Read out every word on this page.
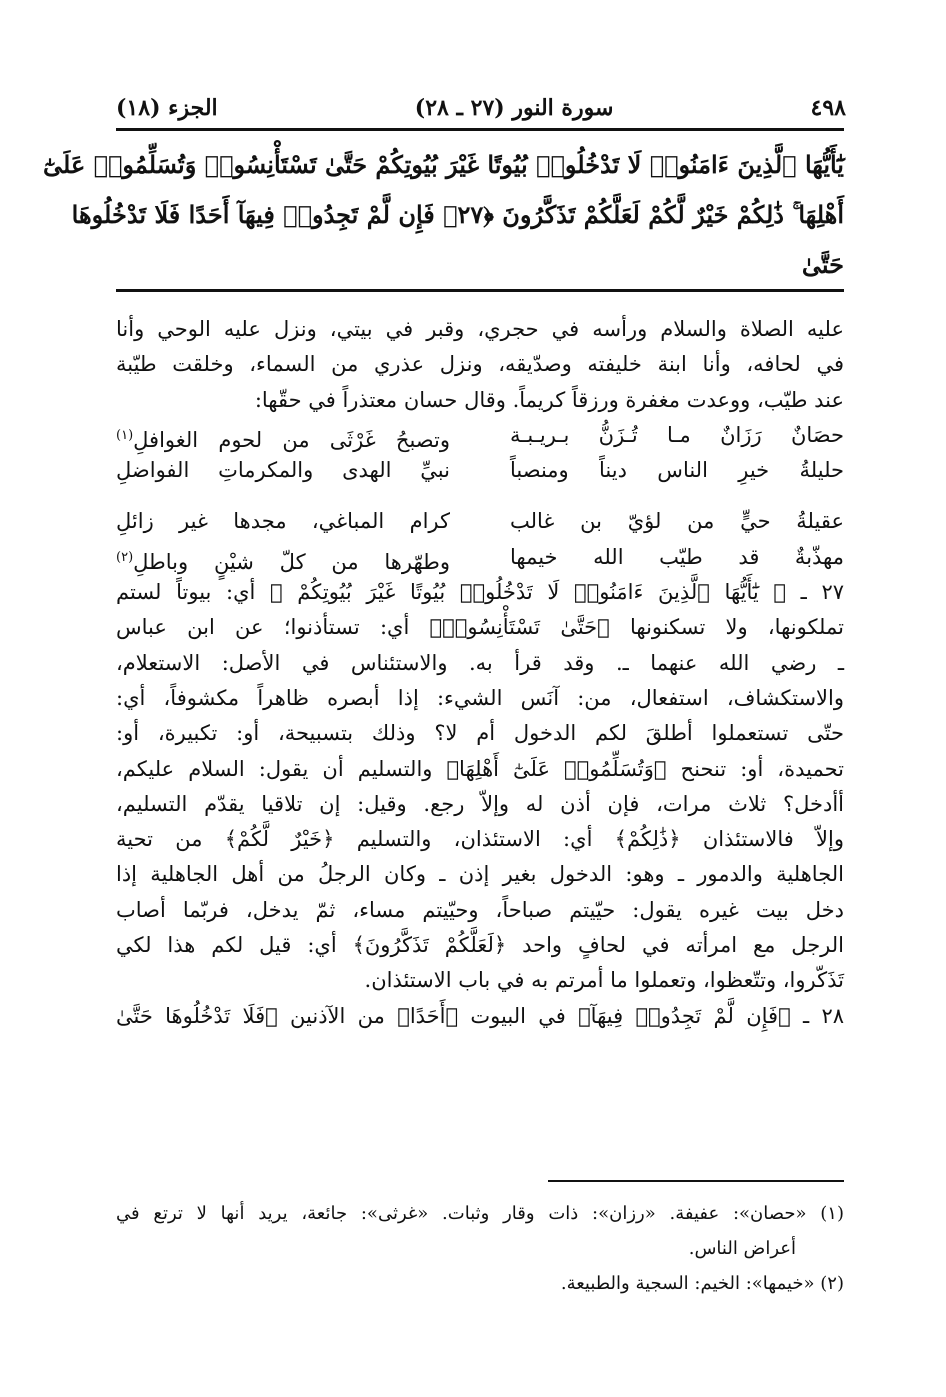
٤٩٨
سورة النور (٢٧ ـ ٢٨)
الجزء (١٨)
يَٰٓأَيُّهَا ٱلَّذِينَ ءَامَنُوا۟ لَا تَدْخُلُوا۟ بُيُوتًا غَيْرَ بُيُوتِكُمْ حَتَّىٰ تَسْتَأْنِسُوا۟ وَتُسَلِّمُوا۟ عَلَىٰٓ
أَهْلِهَا ۚ ذَٰلِكُمْ خَيْرٌ لَّكُمْ لَعَلَّكُمْ تَذَكَّرُونَ ﴿٢٧﴾ فَإِن لَّمْ تَجِدُوا۟ فِيهَآ أَحَدًا فَلَا تَدْخُلُوهَا
حَتَّىٰ
عليه الصلاة والسلام ورأسه في حجري، وقبر في بيتي، ونزل عليه الوحي وأنا
في لحافه، وأنا ابنة خليفته وصدّيقه، ونزل عذري من السماء، وخلقت طيّبة
عند طيّب، ووعدت مغفرة ورزقاً كريماً. وقال حسان معتذراً في حقّها:
حصَانٌ رَزَانٌ مـا تُـزَنُّ بـريـبـة
وتصبحُ غَرْثَى من لحوم الغوافلِ$^{(١)}$
حليلةُ خيرِ الناس ديناً ومنصباً
نبيِّ الهدى والمكرماتِ الفواضلِ
عقيلةُ حيٍّ من لؤيّ بن غالب
كرام المباغي، مجدها غير زائلِ
مهذّبةٌ قد طيّب الله خيمها
وطهّرها من كلّ شيْنٍ وباطلِ$^{(٢)}$
٢٧ ـ ﴿ يَٰٓأَيُّهَا ٱلَّذِينَ ءَامَنُوا۟ لَا تَدْخُلُوا۟ بُيُوتًا غَيْرَ بُيُوتِكُمْ ﴾ أي: بيوتاً لستم
تملكونها، ولا تسكنونها ﴿حَتَّىٰ تَسْتَأْنِسُوا۟﴾ أي: تستأذنوا؛ عن ابن عباس
ـ رضي الله عنهما ـ. وقد قرأ به. والاستئناس في الأصل: الاستعلام،
والاستكشاف، استفعال، من: آنَس الشيء: إذا أبصره ظاهراً مكشوفاً، أي:
حتّى تستعملوا أطلقَ لكم الدخول أم لا؟ وذلك بتسبيحة، أو: تكبيرة، أو:
تحميدة، أو: تنحنح ﴿وَتُسَلِّمُوا۟ عَلَىٰٓ أَهْلِهَا﴾ والتسليم أن يقول: السلام عليكم،
أأدخل؟ ثلاث مرات، فإن أذن له وإلاّ رجع. وقيل: إن تلاقيا يقدّم التسليم،
وإلاّ فالاستئذان ﴿ذَٰلِكُمْ﴾ أي: الاستئذان، والتسليم ﴿خَيْرٌ لَّكُمْ﴾ من تحية
الجاهلية والدمور ـ وهو: الدخول بغير إذن ـ وكان الرجلُ من أهل الجاهلية إذا
دخل بيت غيره يقول: حيّيتم صباحاً، وحيّيتم مساء، ثمّ يدخل، فربّما أصاب
الرجل مع امرأته في لحافٍ واحد ﴿لَعَلَّكُمْ تَذَكَّرُونَ﴾ أي: قيل لكم هذا لكي
تَذَكّروا، وتتّعظوا، وتعملوا ما أمرتم به في باب الاستئذان.
٢٨ ـ ﴿فَإِن لَّمْ تَجِدُوا۟ فِيهَآ﴾ في البيوت ﴿أَحَدًا﴾ من الآذنين ﴿فَلَا تَدْخُلُوهَا حَتَّىٰ
(١) «حصان»: عفيفة. «رزان»: ذات وقار وثبات. «غرثى»: جائعة، يريد أنها لا ترتع في
أعراض الناس.
(٢) «خيمها»: الخيم: السجية والطبيعة.
